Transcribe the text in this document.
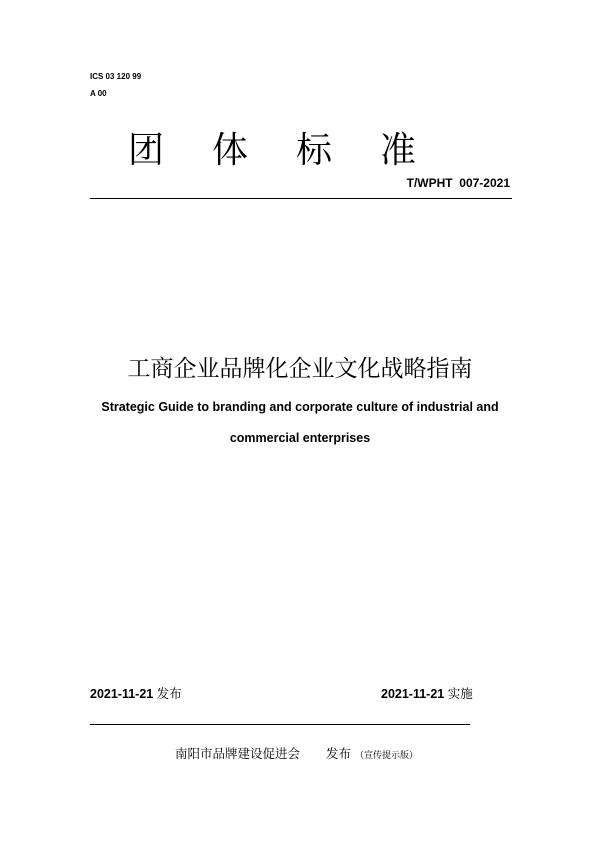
ICS 03 120 99
A 00
团 体 标 准
T/WPHT  007-2021
工商企业品牌化企业文化战略指南
Strategic Guide to branding and corporate culture of industrial and
commercial enterprises
2021-11-21 发布	2021-11-21 实施
南阳市品牌建设促进会 发布 （宣传提示版）
